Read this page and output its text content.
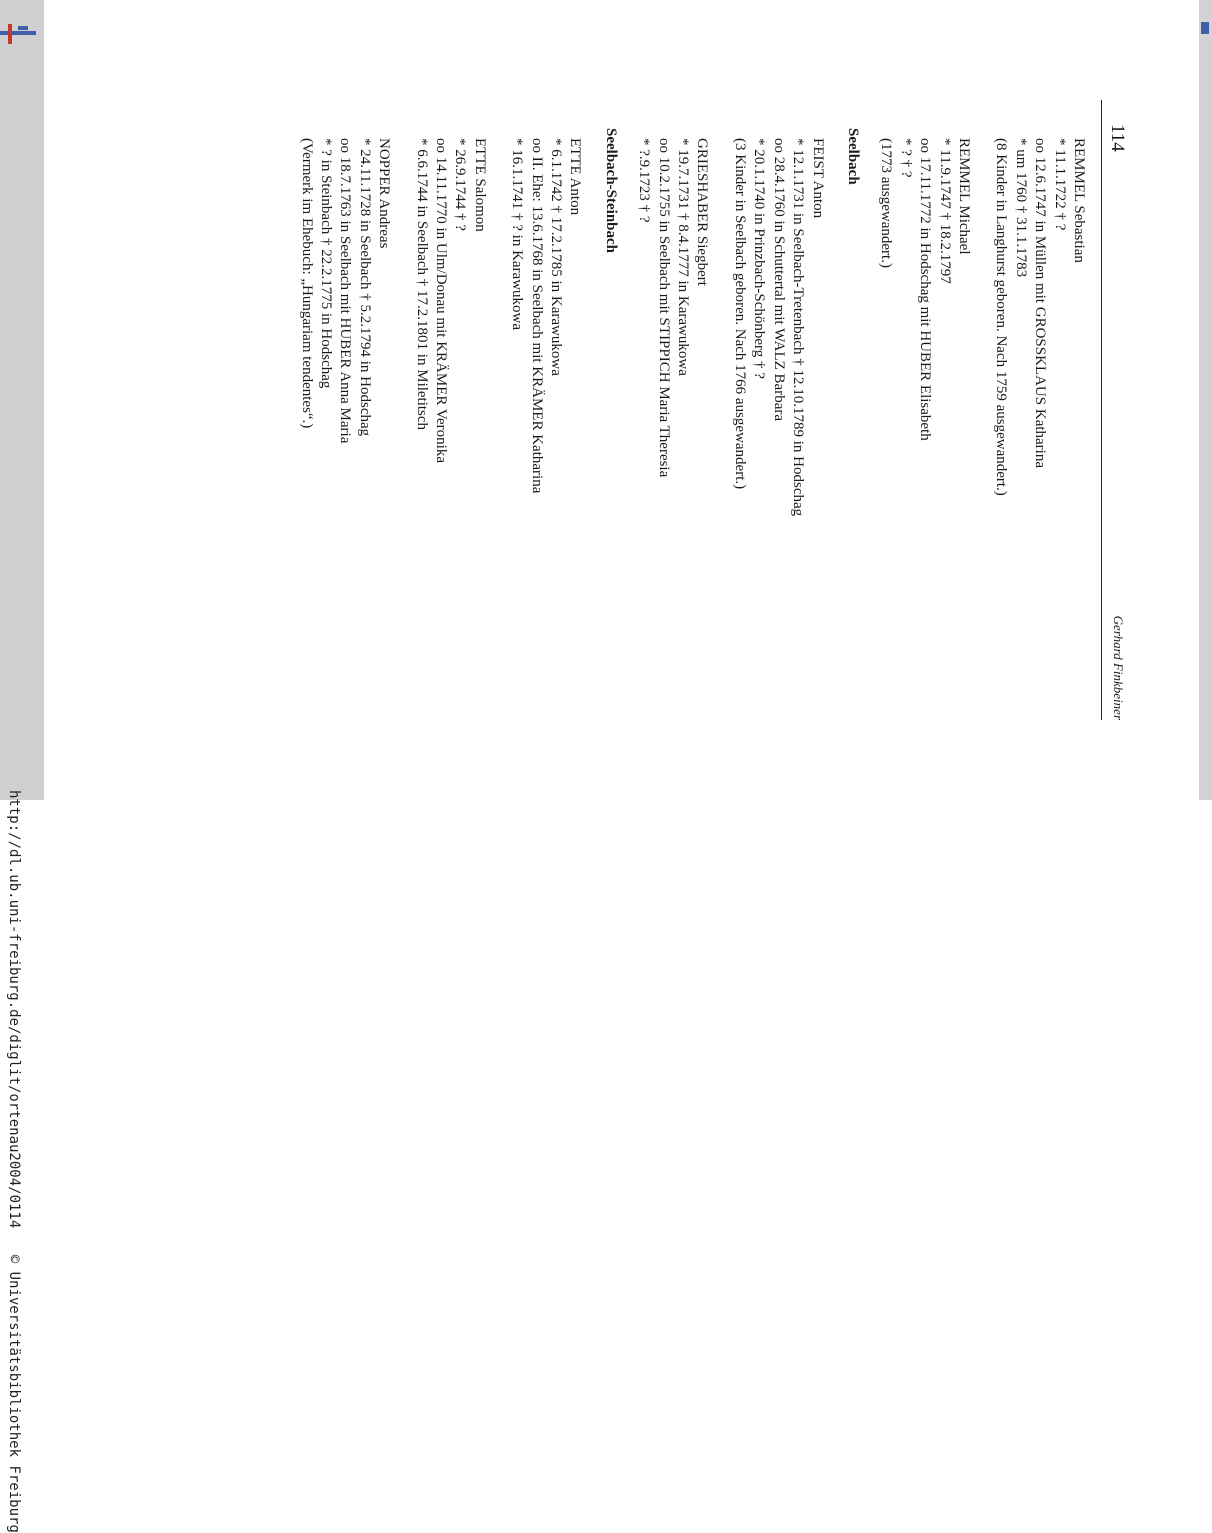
http://dl.ub.uni-freiburg.de/diglit/ortenau2004/0114 © Universitätsbibliothek Freiburg
114
Gerhard Finkbeiner
REMMEL Sebastian
* 11.1.1722 † ?
oo 12.6.1747 in Müllen mit GROSSKLAUS Katharina
* um 1760 † 31.1.1783
(8 Kinder in Langhurst geboren. Nach 1759 ausgewandert.)
REMMEL Michael
* 11.9.1747 † 18.2.1797
oo 17.11.1772 in Hodschag mit HUBER Elisabeth
* ? † ?
(1773 ausgewandert.)
Seelbach
FEIST Anton
* 12.1.1731 in Seelbach-Tretenbach † 12.10.1789 in Hodschag
oo 28.4.1760 in Schuttertal mit WALZ Barbara
* 20.1.1740 in Prinzbach-Schönberg † ?
(3 Kinder in Seelbach geboren. Nach 1766 ausgewandert.)
GRIESHABER Siegbert
* 19.7.1731 † 8.4.1777 in Karawukowa
oo 10.2.1755 in Seelbach mit STIPPICH Maria Theresia
* ?.9.1723 † ?
Seelbach-Steinbach
ETTE Anton
* 6.1.1742 † 17.2.1785 in Karawukowa
oo II. Ehe: 13.6.1768 in Seelbach mit KRÄMER Katharina
* 16.1.1741 † ? in Karawukowa
ETTE Salomon
* 26.9.1744 † ?
oo 14.11.1770 in Ulm/Donau mit KRÄMER Veronika
* 6.6.1744 in Seelbach † 17.2.1801 in Miletitsch
NOPPER Andreas
* 24.11.1728 in Seelbach † 5.2.1794 in Hodschag
oo 18.7.1763 in Seelbach mit HUBER Anna Maria
* ? in Steinbach † 22.2.1775 in Hodschag
(Vermerk im Ehebuch: „Hungariam tendentes“.)
